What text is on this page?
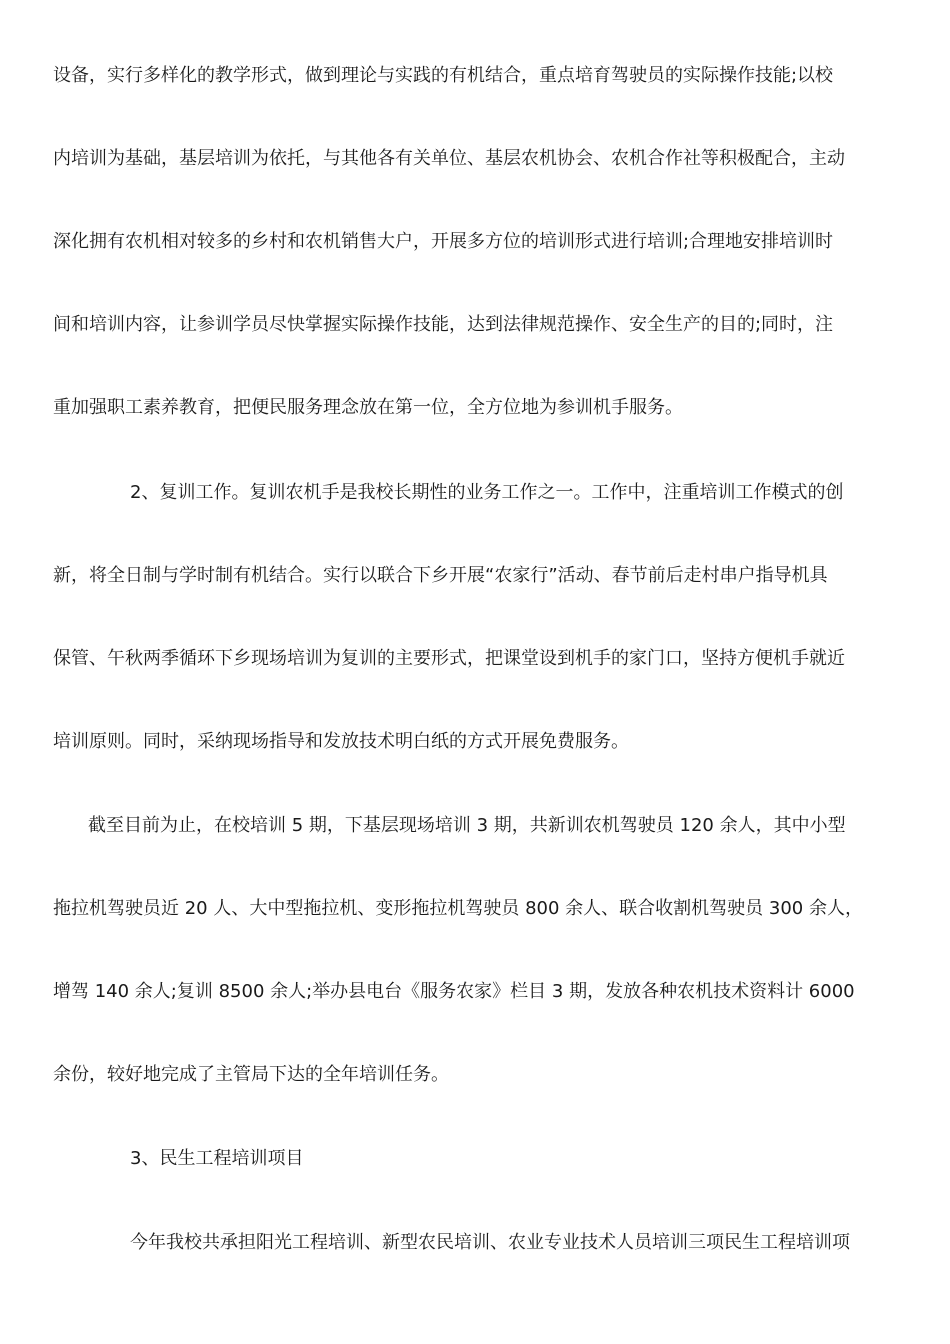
设备，实行多样化的教学形式，做到理论与实践的有机结合，重点培育驾驶员的实际操作技能;以校
内培训为基础，基层培训为依托，与其他各有关单位、基层农机协会、农机合作社等积极配合，主动
深化拥有农机相对较多的乡村和农机销售大户，开展多方位的培训形式进行培训;合理地安排培训时
间和培训内容，让参训学员尽快掌握实际操作技能，达到法律规范操作、安全生产的目的;同时，注
重加强职工素养教育，把便民服务理念放在第一位，全方位地为参训机手服务。
2、复训工作。复训农机手是我校长期性的业务工作之一。工作中，注重培训工作模式的创
新，将全日制与学时制有机结合。实行以联合下乡开展“农家行”活动、春节前后走村串户指导机具
保管、午秋两季循环下乡现场培训为复训的主要形式，把课堂设到机手的家门口，坚持方便机手就近
培训原则。同时，采纳现场指导和发放技术明白纸的方式开展免费服务。
截至目前为止，在校培训 5 期，下基层现场培训 3 期，共新训农机驾驶员 120 余人，其中小型
拖拉机驾驶员近 20 人、大中型拖拉机、变形拖拉机驾驶员 800 余人、联合收割机驾驶员 300 余人，
增驾 140 余人;复训 8500 余人;举办县电台《服务农家》栏目 3 期，发放各种农机技术资料计 6000
余份，较好地完成了主管局下达的全年培训任务。
3、民生工程培训项目
今年我校共承担阳光工程培训、新型农民培训、农业专业技术人员培训三项民生工程培训项
